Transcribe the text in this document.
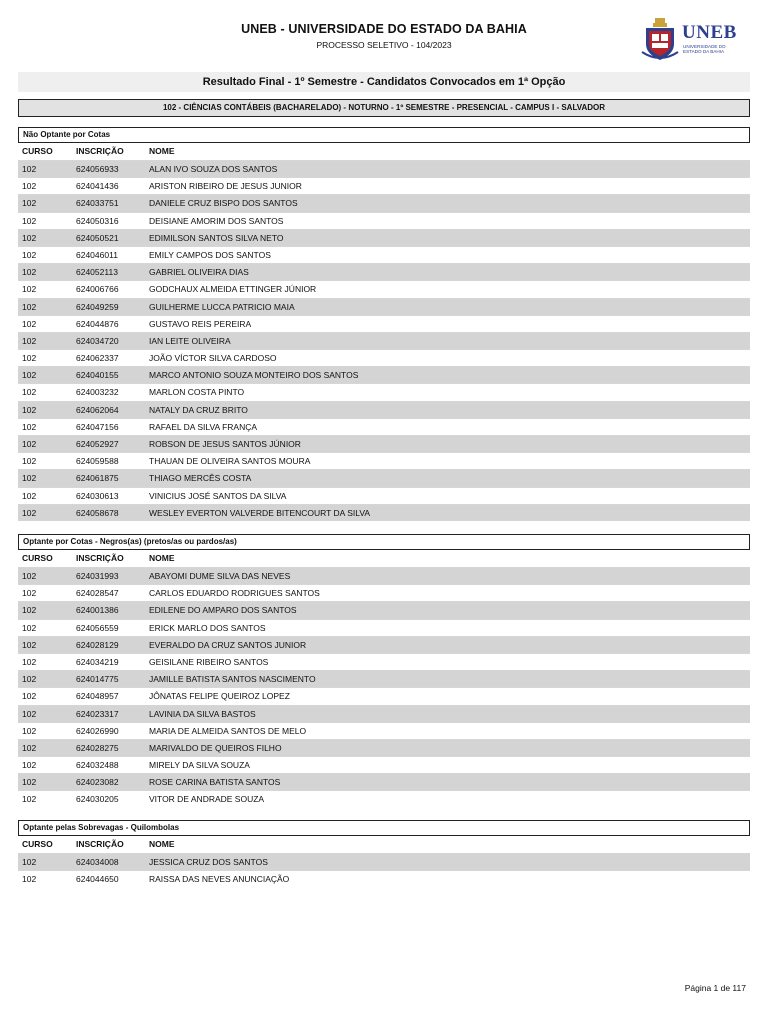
UNEB - UNIVERSIDADE DO ESTADO DA BAHIA
PROCESSO SELETIVO - 104/2023
UNEB
UNIVERSIDADE DO ESTADO DA BAHIA
Resultado Final - 1º Semestre - Candidatos Convocados em 1ª Opção
102 - CIÊNCIAS CONTÁBEIS (BACHARELADO) - NOTURNO - 1º SEMESTRE - PRESENCIAL - CAMPUS I - SALVADOR
Não Optante por Cotas
CURSO	INSCRIÇÃO	NOME
102	624056933	ALAN IVO SOUZA DOS SANTOS
102	624041436	ARISTON RIBEIRO DE JESUS JUNIOR
102	624033751	DANIELE CRUZ BISPO DOS SANTOS
102	624050316	DEISIANE AMORIM DOS SANTOS
102	624050521	EDIMILSON SANTOS SILVA NETO
102	624046011	EMILY CAMPOS DOS SANTOS
102	624052113	GABRIEL OLIVEIRA DIAS
102	624006766	GODCHAUX ALMEIDA ETTINGER JÚNIOR
102	624049259	GUILHERME LUCCA PATRICIO MAIA
102	624044876	GUSTAVO REIS PEREIRA
102	624034720	IAN LEITE OLIVEIRA
102	624062337	JOÃO VÍCTOR SILVA CARDOSO
102	624040155	MARCO ANTONIO SOUZA MONTEIRO DOS SANTOS
102	624003232	MARLON COSTA PINTO
102	624062064	NATALY DA CRUZ BRITO
102	624047156	RAFAEL DA SILVA FRANÇA
102	624052927	ROBSON DE JESUS SANTOS JÚNIOR
102	624059588	THAUAN DE OLIVEIRA SANTOS MOURA
102	624061875	THIAGO MERCÊS COSTA
102	624030613	VINICIUS JOSÉ SANTOS DA SILVA
102	624058678	WESLEY EVERTON VALVERDE BITENCOURT DA SILVA
Optante por Cotas - Negros(as) (pretos/as ou pardos/as)
CURSO	INSCRIÇÃO	NOME
102	624031993	ABAYOMI DUME SILVA DAS NEVES
102	624028547	CARLOS EDUARDO RODRIGUES SANTOS
102	624001386	EDILENE DO AMPARO DOS SANTOS
102	624056559	ERICK MARLO DOS SANTOS
102	624028129	EVERALDO DA CRUZ SANTOS JUNIOR
102	624034219	GEISILANE RIBEIRO SANTOS
102	624014775	JAMILLE BATISTA SANTOS NASCIMENTO
102	624048957	JÔNATAS FELIPE QUEIROZ LOPEZ
102	624023317	LAVINIA DA SILVA BASTOS
102	624026990	MARIA DE ALMEIDA SANTOS DE MELO
102	624028275	MARIVALDO DE QUEIROS FILHO
102	624032488	MIRELY DA SILVA SOUZA
102	624023082	ROSE CARINA BATISTA SANTOS
102	624030205	VITOR DE ANDRADE SOUZA
Optante pelas Sobrevagas - Quilombolas
CURSO	INSCRIÇÃO	NOME
102	624034008	JESSICA CRUZ DOS SANTOS
102	624044650	RAISSA DAS NEVES ANUNCIAÇÃO
Página 1 de 117
